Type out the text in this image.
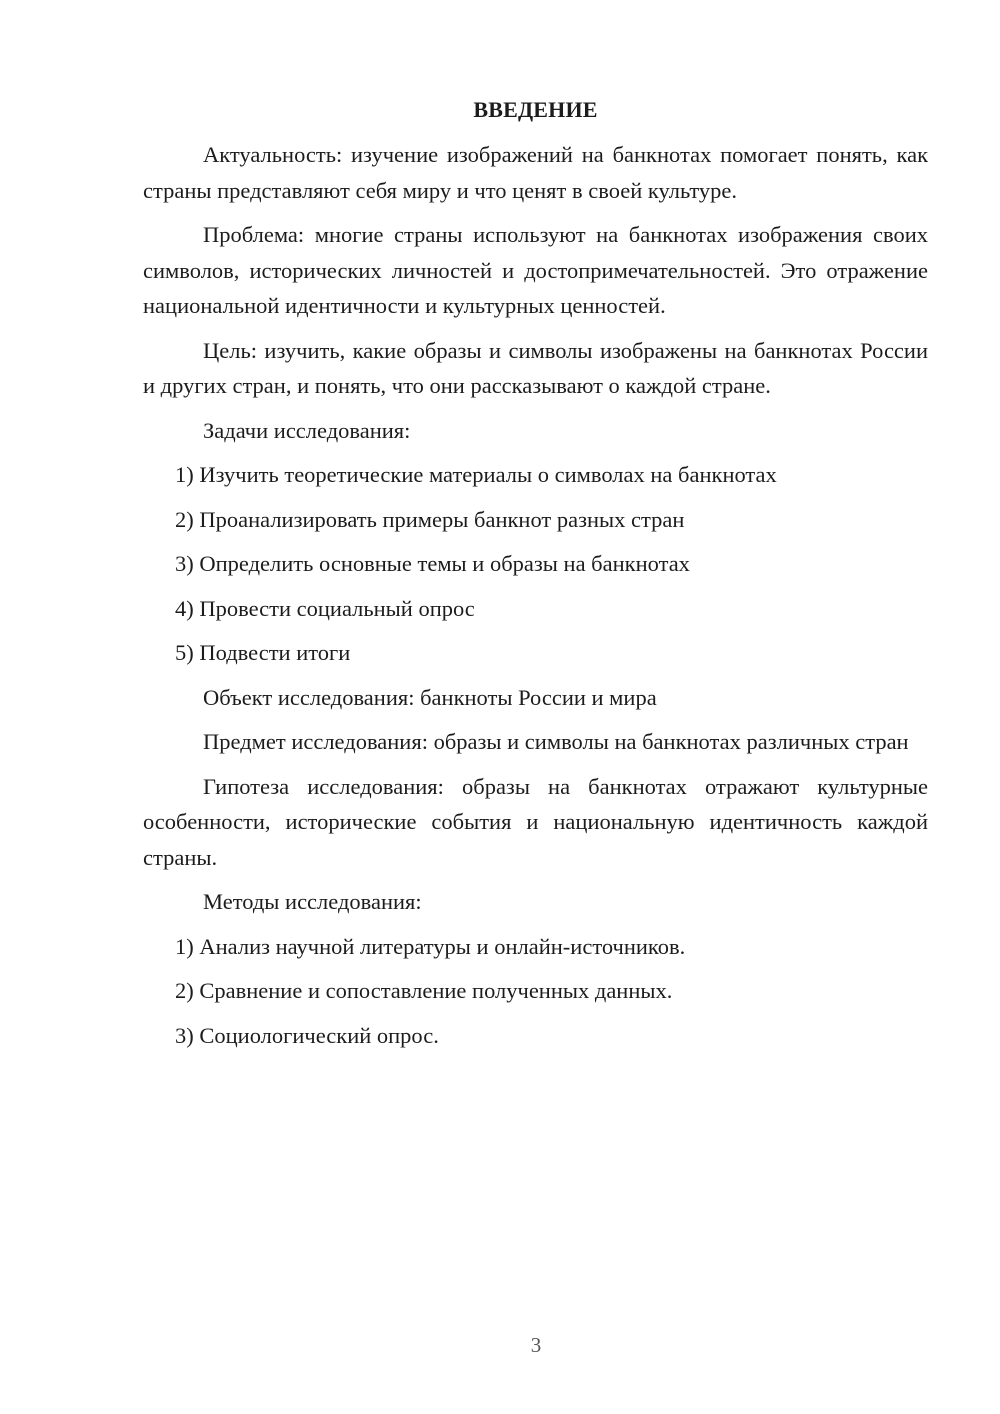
ВВЕДЕНИЕ

Актуальность: изучение изображений на банкнотах помогает понять, как страны представляют себя миру и что ценят в своей культуре.

Проблема: многие страны используют на банкнотах изображения своих символов, исторических личностей и достопримечательностей. Это отражение национальной идентичности и культурных ценностей.

Цель: изучить, какие образы и символы изображены на банкнотах России и других стран, и понять, что они рассказывают о каждой стране.

Задачи исследования:

1) Изучить теоретические материалы о символах на банкнотах

2) Проанализировать примеры банкнот разных стран

3) Определить основные темы и образы на банкнотах

4) Провести социальный опрос

5) Подвести итоги

Объект исследования: банкноты России и мира

Предмет исследования: образы и символы на банкнотах различных стран

Гипотеза исследования: образы на банкнотах отражают культурные особенности, исторические события и национальную идентичность каждой страны.

Методы исследования:

1) Анализ научной литературы и онлайн-источников.

2) Сравнение и сопоставление полученных данных.

3) Социологический опрос.

3
